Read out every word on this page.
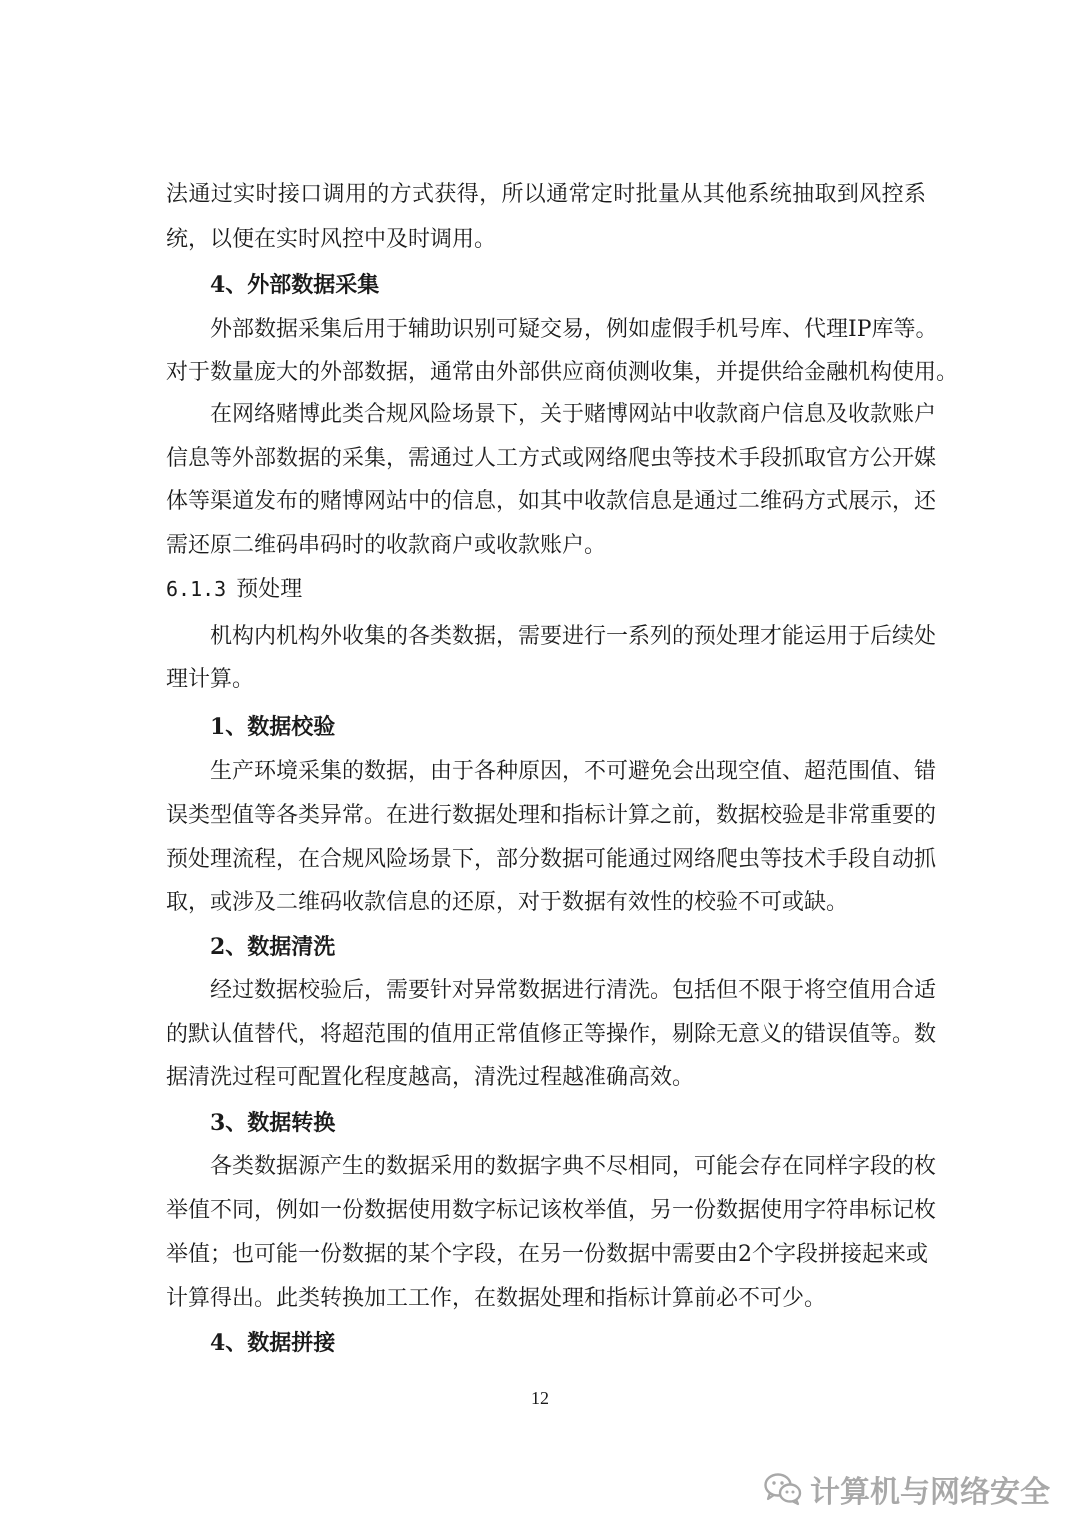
法通过实时接口调用的方式获得，所以通常定时批量从其他系统抽取到风控系
统，以便在实时风控中及时调用。
4、外部数据采集
外部数据采集后用于辅助识别可疑交易，例如虚假手机号库、代理IP库等。
对于数量庞大的外部数据，通常由外部供应商侦测收集，并提供给金融机构使用。
在网络赌博此类合规风险场景下，关于赌博网站中收款商户信息及收款账户
信息等外部数据的采集，需通过人工方式或网络爬虫等技术手段抓取官方公开媒
体等渠道发布的赌博网站中的信息，如其中收款信息是通过二维码方式展示，还
需还原二维码串码时的收款商户或收款账户。
6.1.3 预处理
机构内机构外收集的各类数据，需要进行一系列的预处理才能运用于后续处
理计算。
1、数据校验
生产环境采集的数据，由于各种原因，不可避免会出现空值、超范围值、错
误类型值等各类异常。在进行数据处理和指标计算之前，数据校验是非常重要的
预处理流程，在合规风险场景下，部分数据可能通过网络爬虫等技术手段自动抓
取，或涉及二维码收款信息的还原，对于数据有效性的校验不可或缺。
2、数据清洗
经过数据校验后，需要针对异常数据进行清洗。包括但不限于将空值用合适
的默认值替代，将超范围的值用正常值修正等操作，剔除无意义的错误值等。数
据清洗过程可配置化程度越高，清洗过程越准确高效。
3、数据转换
各类数据源产生的数据采用的数据字典不尽相同，可能会存在同样字段的枚
举值不同，例如一份数据使用数字标记该枚举值，另一份数据使用字符串标记枚
举值；也可能一份数据的某个字段，在另一份数据中需要由2个字段拼接起来或
计算得出。此类转换加工工作，在数据处理和指标计算前必不可少。
4、数据拼接
12
计算机与网络安全
